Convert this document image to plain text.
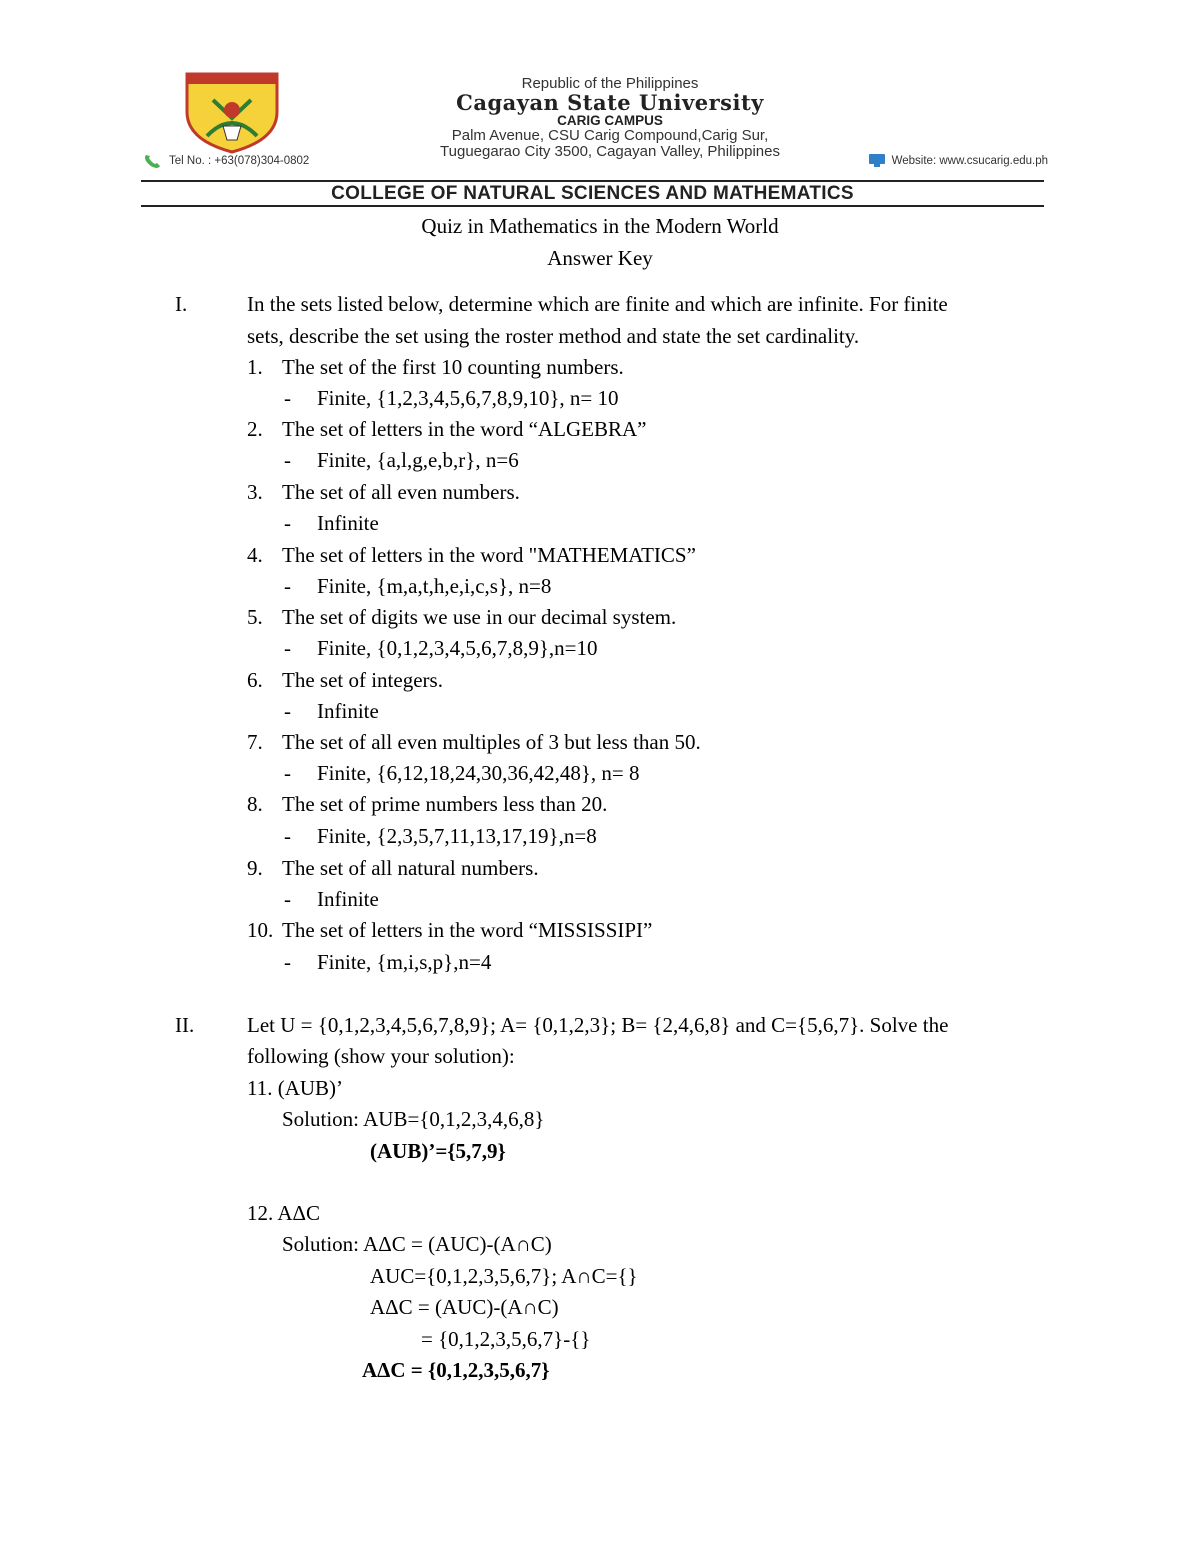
Republic of the Philippines
Cagayan State University
CARIG CAMPUS
Palm Avenue, CSU Carig Compound,Carig Sur,
Tuguegarao City 3500, Cagayan Valley, Philippines
Tel No. : +63(078)304-0802	Website: www.csucarig.edu.ph
COLLEGE OF NATURAL SCIENCES AND MATHEMATICS
Quiz in Mathematics in the Modern World
Answer Key
I.	In the sets listed below, determine which are finite and which are infinite. For finite
sets, describe the set using the roster method and state the set cardinality.
1. The set of the first 10 counting numbers.
- Finite, {1,2,3,4,5,6,7,8,9,10}, n= 10
2. The set of letters in the word “ALGEBRA”
- Finite, {a,l,g,e,b,r}, n=6
3. The set of all even numbers.
- Infinite
4. The set of letters in the word "MATHEMATICS”
- Finite, {m,a,t,h,e,i,c,s}, n=8
5. The set of digits we use in our decimal system.
- Finite, {0,1,2,3,4,5,6,7,8,9},n=10
6. The set of integers.
- Infinite
7. The set of all even multiples of 3 but less than 50.
- Finite, {6,12,18,24,30,36,42,48}, n= 8
8. The set of prime numbers less than 20.
- Finite, {2,3,5,7,11,13,17,19},n=8
9. The set of all natural numbers.
- Infinite
10. The set of letters in the word “MISSISSIPI”
- Finite, {m,i,s,p},n=4
II.	Let U = {0,1,2,3,4,5,6,7,8,9}; A= {0,1,2,3}; B= {2,4,6,8} and C={5,6,7}. Solve the
following (show your solution):
11. (AUB)’
Solution: AUB={0,1,2,3,4,6,8}
(AUB)’={5,7,9}
12. AΔC
Solution: AΔC = (AUC)-(A∩C)
AUC={0,1,2,3,5,6,7}; A∩C={}
AΔC = (AUC)-(A∩C)
= {0,1,2,3,5,6,7}-{}
AΔC = {0,1,2,3,5,6,7}
